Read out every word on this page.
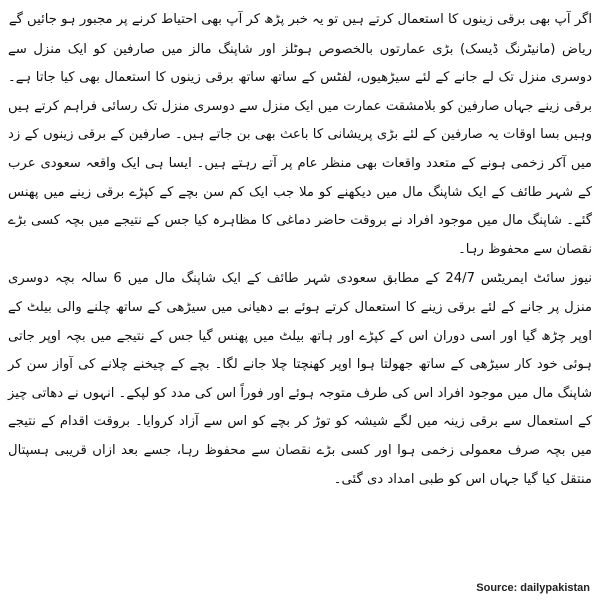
اگر آپ بھی برقی زینوں کا استعمال کرتے ہیں تو یہ خبر پڑھ کر آپ بھی احتیاط کرنے پر مجبور ہو جائیں گے

ریاض (مانیٹرنگ ڈیسک) بڑی عمارتوں بالخصوص ہوٹلز اور شاپنگ مالز میں صارفین کو ایک منزل سے دوسری منزل تک لے جانے کے لئے سیڑھیوں، لفٹس کے ساتھ ساتھ برقی زینوں کا استعمال بھی کیا جاتا ہے۔ برقی زینے جہاں صارفین کو بلامشقت عمارت میں ایک منزل سے دوسری منزل تک رسائی فراہم کرتے ہیں وہیں بسا اوقات یہ صارفین کے لئے بڑی پریشانی کا باعث بھی بن جاتے ہیں۔ صارفین کے برقی زینوں کے زد میں آکر زخمی ہونے کے متعدد واقعات بھی منظر عام پر آتے رہتے ہیں۔ ایسا ہی ایک واقعہ سعودی عرب کے شہر طائف کے ایک شاپنگ مال میں دیکھنے کو ملا جب ایک کم سن بچے کے کپڑے برقی زینے میں پھنس گئے۔ شاپنگ مال میں موجود افراد نے بروقت حاضر دماغی کا مظاہرہ کیا جس کے نتیجے میں بچہ کسی بڑے نقصان سے محفوظ رہا۔

نیوز سائٹ ایمریٹس 24/7 کے مطابق سعودی شہر طائف کے ایک شاپنگ مال میں 6 سالہ بچہ دوسری منزل پر جانے کے لئے برقی زینے کا استعمال کرتے ہوئے بے دھیانی میں سیڑھی کے ساتھ چلنے والی بیلٹ کے اوپر چڑھ گیا اور اسی دوران اس کے کپڑے اور ہاتھ بیلٹ میں پھنس گیا جس کے نتیجے میں بچہ اوپر جاتی ہوئی خود کار سیڑھی کے ساتھ جھولتا ہوا اوپر کھنچتا چلا جانے لگا۔ بچے کے چیخنے چلانے کی آواز سن کر شاپنگ مال میں موجود افراد اس کی طرف متوجہ ہوئے اور فوراً اس کی مدد کو لپکے۔ انہوں نے دھاتی چیز کے استعمال سے برقی زینہ میں لگے شیشہ کو توڑ کر بچے کو اس سے آزاد کروایا۔ بروقت اقدام کے نتیجے میں بچہ صرف معمولی زخمی ہوا اور کسی بڑے نقصان سے محفوظ رہا، جسے بعد ازاں قریبی ہسپتال منتقل کیا گیا جہاں اس کو طبی امداد دی گئی۔

Source: dailypakistan
